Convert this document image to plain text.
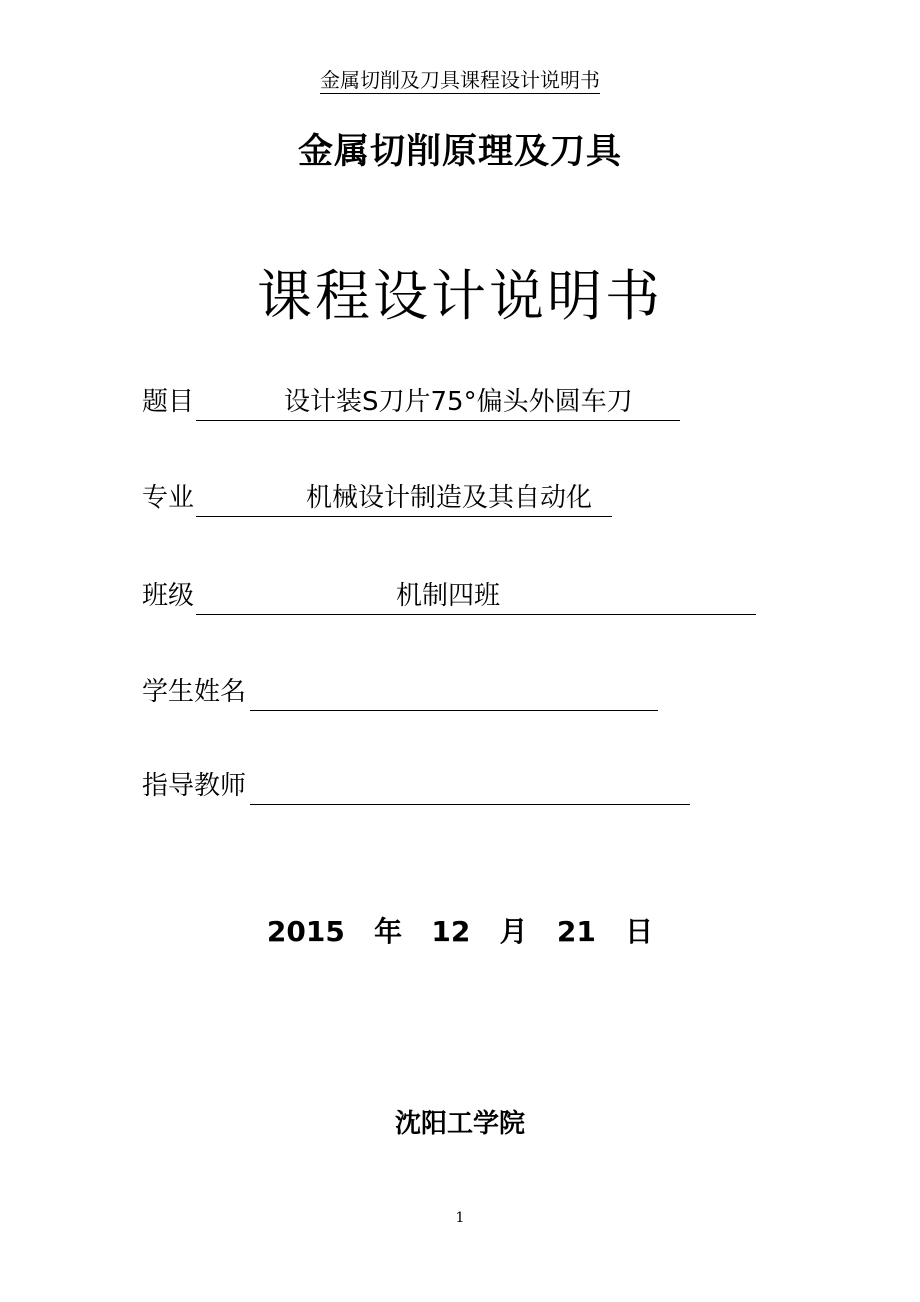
金属切削及刀具课程设计说明书
金属切削原理及刀具
课程设计说明书
题目	设计装S刀片75°偏头外圆车刀
专业	机械设计制造及其自动化
班级	机制四班
学生姓名
指导教师
2015 年 12 月 21 日
沈阳工学院
1
